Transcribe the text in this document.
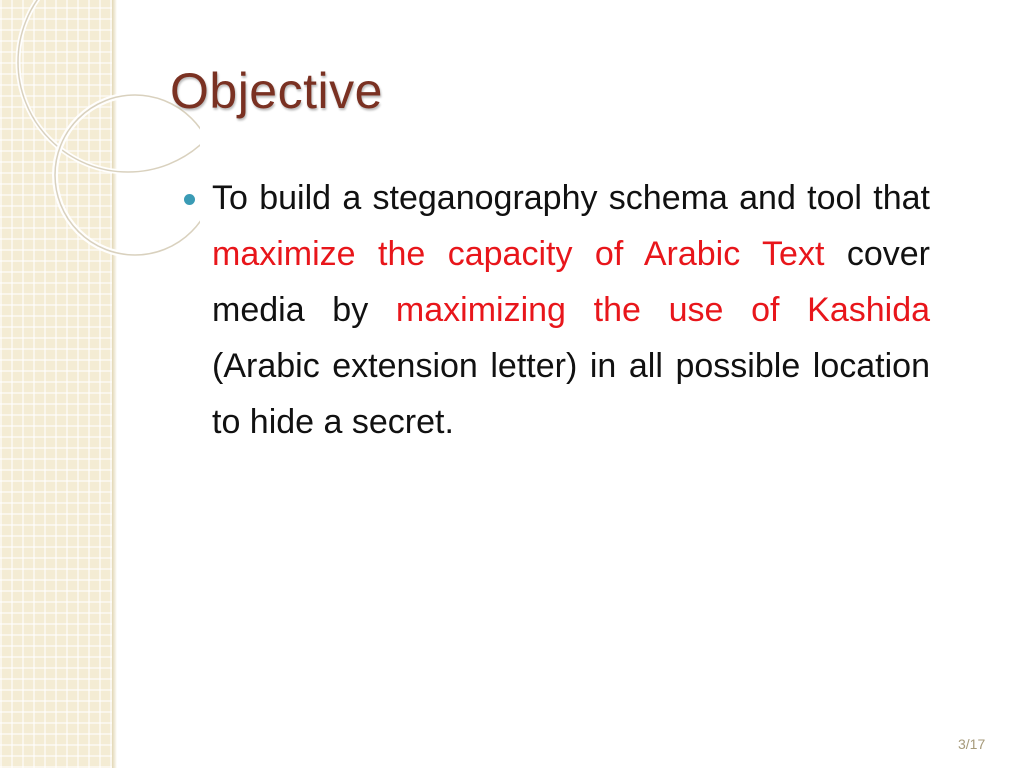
Objective

To build a steganography schema and tool that maximize the capacity of Arabic Text cover media by maximizing the use of Kashida (Arabic extension letter) in all possible location to hide a secret.

3/17
